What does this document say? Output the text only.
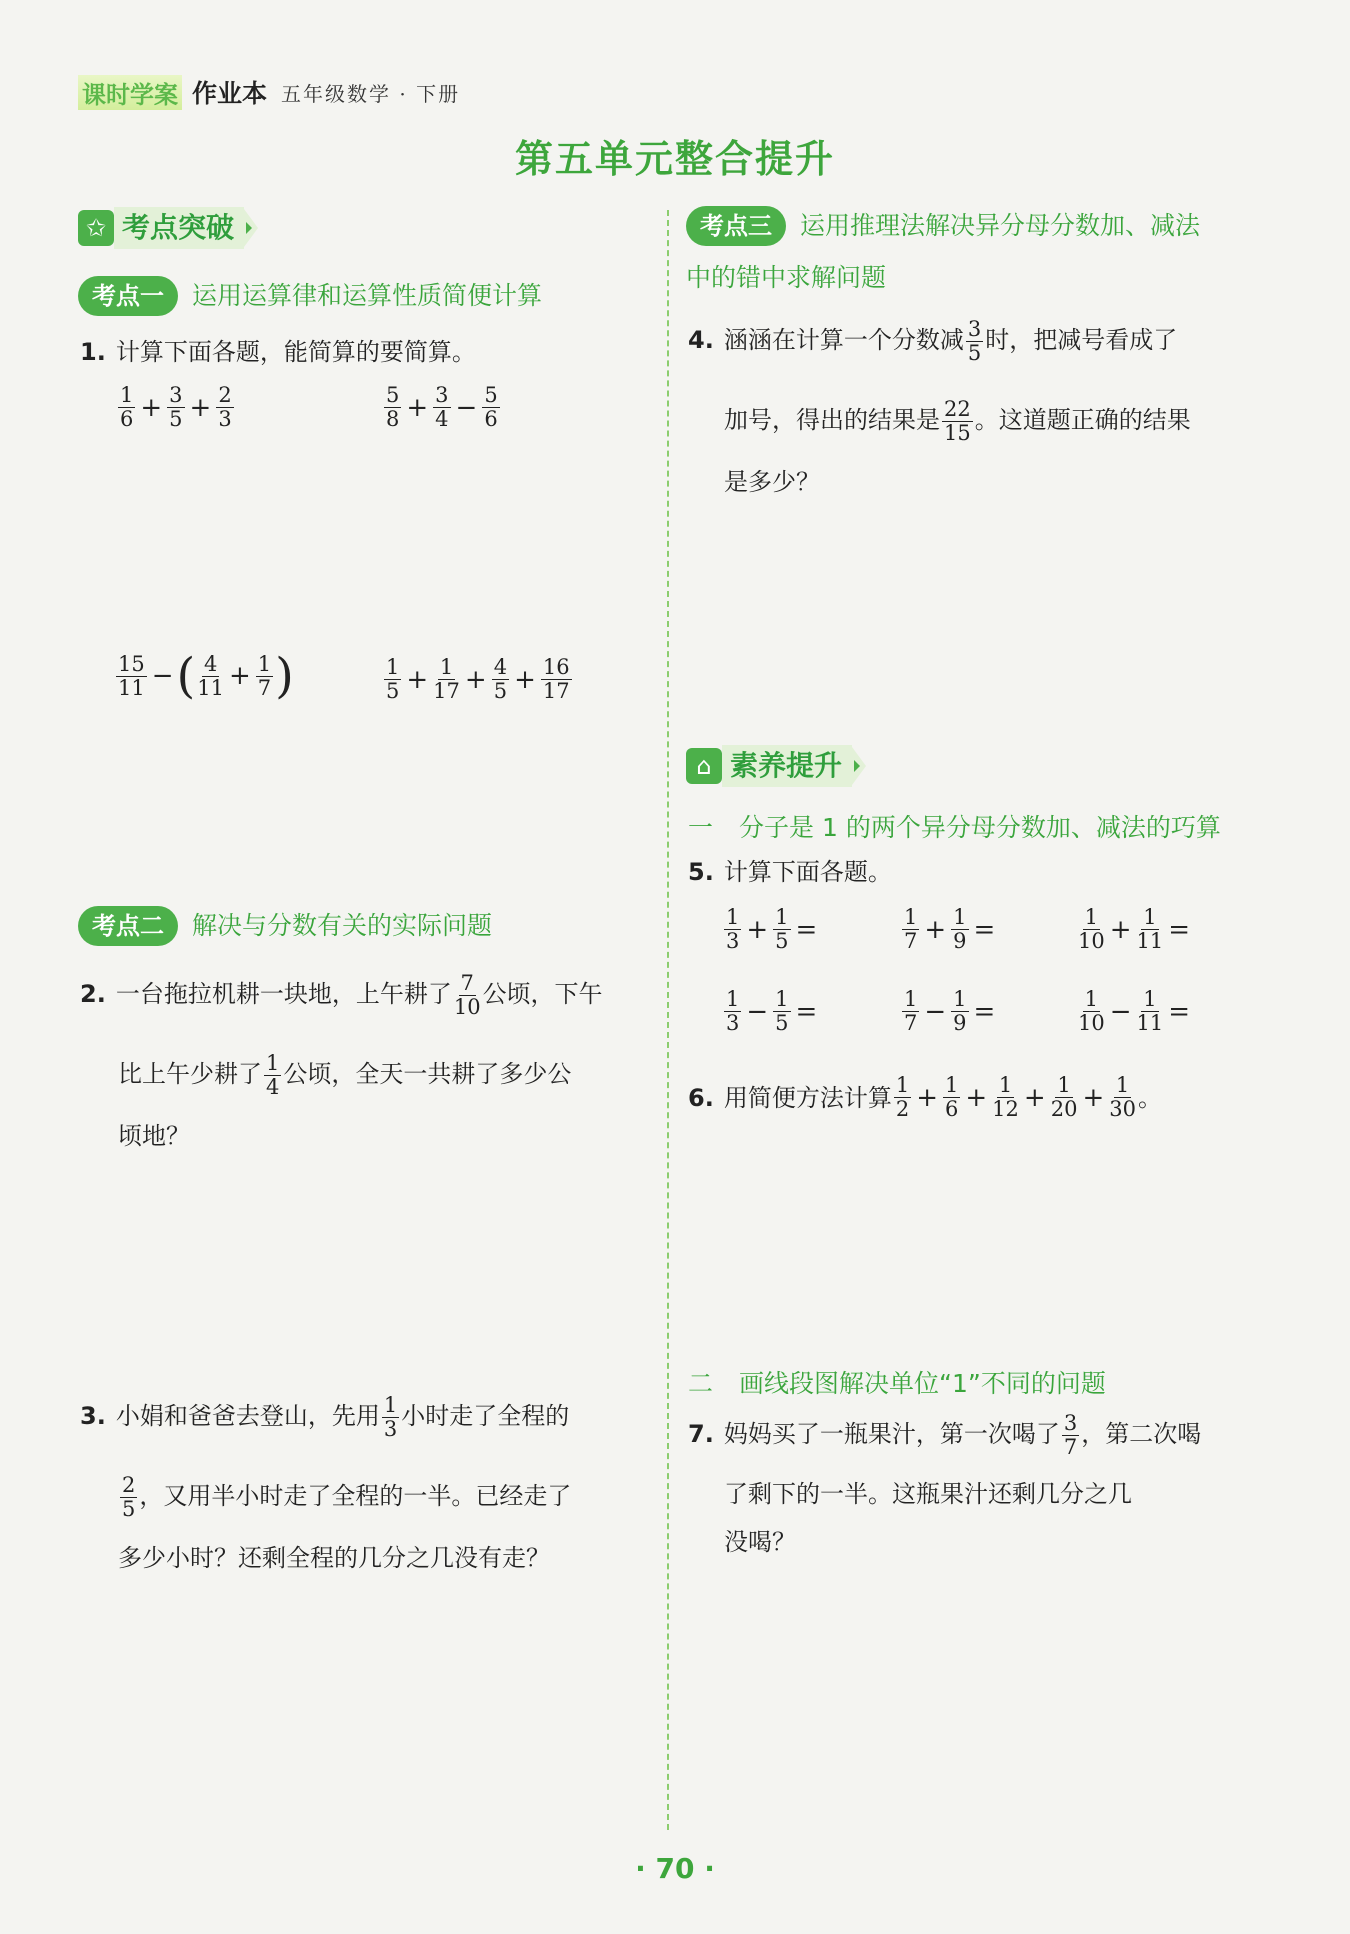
课时学案 作业本 五年级数学 · 下册
第五单元整合提升
✩ 考点突破
考点一	运用运算律和运算性质简便计算
1. 计算下面各题，能简算的要简算。
$\frac{1}{6} + \frac{3}{5} + \frac{2}{3}$	$\frac{5}{8} + \frac{3}{4} - \frac{5}{6}$
$\frac{15}{11}$ − ( $\frac{4}{11} + \frac{1}{7}$ )	$\frac{1}{5} + \frac{1}{17} + \frac{4}{5} + \frac{16}{17}$
考点二	解决与分数有关的实际问题
2. 一台拖拉机耕一块地，上午耕了 $\frac{7}{10}$ 公顷，下午
比上午少耕了 $\frac{1}{4}$ 公顷，全天一共耕了多少公
顷地？
3. 小娟和爸爸去登山，先用 $\frac{1}{3}$ 小时走了全程的
$\frac{2}{5}$ ，又用半小时走了全程的一半。已经走了
多少小时？还剩全程的几分之几没有走？
考点三	运用推理法解决异分母分数加、减法
中的错中求解问题
4. 涵涵在计算一个分数减 $\frac{3}{5}$ 时，把减号看成了
加号，得出的结果是 $\frac{22}{15}$ 。这道题正确的结果
是多少？
⌂ 素养提升
一 分子是 1 的两个异分母分数加、减法的巧算
5. 计算下面各题。
$\frac{1}{3} + \frac{1}{5}$ =	$\frac{1}{7} + \frac{1}{9}$ =	$\frac{1}{10} + \frac{1}{11}$ =
$\frac{1}{3} - \frac{1}{5}$ =	$\frac{1}{7} - \frac{1}{9}$ =	$\frac{1}{10} - \frac{1}{11}$ =
6. 用简便方法计算 $\frac{1}{2} + \frac{1}{6} + \frac{1}{12} + \frac{1}{20} + \frac{1}{30}$ 。
二 画线段图解决单位“1”不同的问题
7. 妈妈买了一瓶果汁，第一次喝了 $\frac{3}{7}$ ，第二次喝
了剩下的一半。这瓶果汁还剩几分之几
没喝？
· 70 ·
